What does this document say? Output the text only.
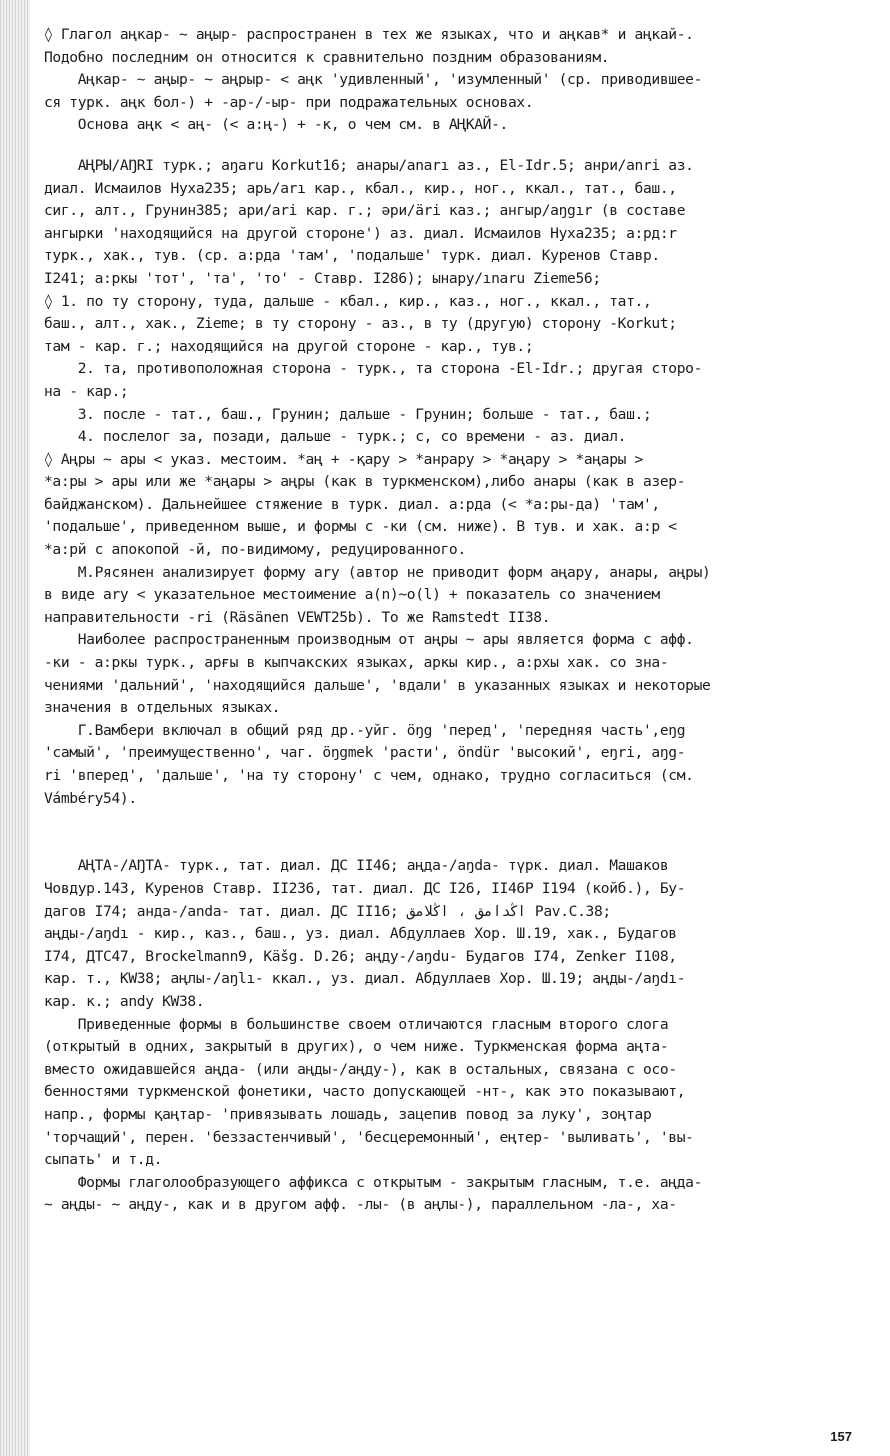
◊ Глагол аңкар- ~ аңыр- распространен в тех же языках, что и аңкав* и аңкай-.
Подобно последним он относится к сравнительно поздним образованиям.
Аңкар- ~ аңыр- ~ аңрыр- < аңк 'удивленный', 'изумленный' (ср. приводившее-
ся турк. аңк бол-) + -ар-/-ыр- при подражательных основах.
Основа аңк < аң- (< а:ң-) + -к, о чем см. в АҢКАЙ-.
АҢРЫ/AŊRI турк.; aŋaru Korkut16; анары/anarı аз., El-Idr.5; анри/anri аз.
диал. Исмаилов Нуха235; арь/arı кар., кбал., кир., ног., ккал., тат., баш.,
сиг., алт., Грунин385; ари/ari кар. г.; әри/äri каз.; ангыр/aŋgır (в составе
ангырки 'находящийся на другой стороне') аз. диал. Исмаилов Нуха235; а:рд:r
турк., хак., тув. (ср. а:рда 'там', 'подальше' турк. диал. Куренов Ставр.
I241; а:ркы 'тот', 'та', 'то' - Ставр. I286); ынару/ınaru Zieme56;
◊ 1. по ту сторону, туда, дальше - кбал., кир., каз., ног., ккал., тат.,
баш., алт., хак., Zieme; в ту сторону - аз., в ту (другую) сторону -Korkut;
там - кар. г.; находящийся на другой стороне - кар., тув.;
2. та, противоположная сторона - турк., та сторона -El-Idr.; другая сторо-
на - кар.;
3. после - тат., баш., Грунин; дальше - Грунин; больше - тат., баш.;
4. послелог за, позади, дальше - турк.; с, со времени - аз. диал.
◊ Аңры ~ ары < указ. местоим. *аң + -қару > *анрару > *аңару > *аңары >
*а:ры > ары или же *аңары > аңры (как в туркменском),либо анары (как в азер-
байджанском). Дальнейшее стяжение в турк. диал. а:рда (< *а:ры-да) 'там',
'подальше', приведенном выше, и формы с -ки (см. ниже). В тув. и хак. а:р <
*а:рй с апокопой -й, по-видимому, редуцированного.
М.Рясянен анализирует форму ary (автор не приводит форм аңару, анары, аңры)
в виде ary < указательное местоимение a(n)~o(l) + показатель со значением
направительности -ri (Räsänen VEWT25b). То же Ramstedt II38.
Наиболее распространенным производным от аңры ~ ары является форма с афф.
-ки - а:ркы турк., арғы в кыпчакских языках, аркы кир., а:рхы хак. со зна-
чениями 'дальний', 'находящийся дальше', 'вдали' в указанных языках и некоторые
значения в отдельных языках.
Г.Вамбери включал в общий ряд др.-уйг. öŋg 'перед', 'передняя часть',eŋg
'самый', 'преимущественно', чаг. öŋgmek 'расти', öndür 'высокий', eŋri, aŋg-
ri 'вперед', 'дальше', 'на ту сторону' с чем, однако, трудно согласиться (см.
Vámbéry54).
АҢТА-/AŊTA- турк., тат. диал. ДС II46; аңда-/aŋda- түрк. диал. Машаков
Човдур.143, Куренов Ставр. II236, тат. диал. ДС I26, II46P I194 (койб.), Бу-
дагов I74; анда-/anda- тат. диал. ДС II16; اڭدامق ، اڭلامق Pav.C.38;
аңды-/aŋdı - кир., каз., баш., уз. диал. Абдуллаев Хор. Ш.19, хак., Будагов
I74, ДТС47, Brockelmann9, Käšg. D.26; аңду-/aŋdu- Будагов I74, Zenker I108,
кар. т., KW38; аңлы-/aŋlı- ккал., уз. диал. Абдуллаев Хор. Ш.19; аңды-/aŋdı-
кар. к.; andy KW38.
Приведенные формы в большинстве своем отличаются гласным второго слога
(открытый в одних, закрытый в других), о чем ниже. Туркменская форма аңта-
вместо ожидавшейся аңда- (или аңды-/аңду-), как в остальных, связана с осо-
бенностями туркменской фонетики, часто допускающей -нт-, как это показывают,
напр., формы қаңтар- 'привязывать лошадь, зацепив повод за луку', зоңтар
'торчащий', перен. 'беззастенчивый', 'бесцеремонный', еңтер- 'выливать', 'вы-
сыпать' и т.д.
Формы глаголообразующего аффикса с открытым - закрытым гласным, т.е. аңда-
~ аңды- ~ аңду-, как и в другом афф. -лы- (в аңлы-), параллельном -ла-, ха-
157
